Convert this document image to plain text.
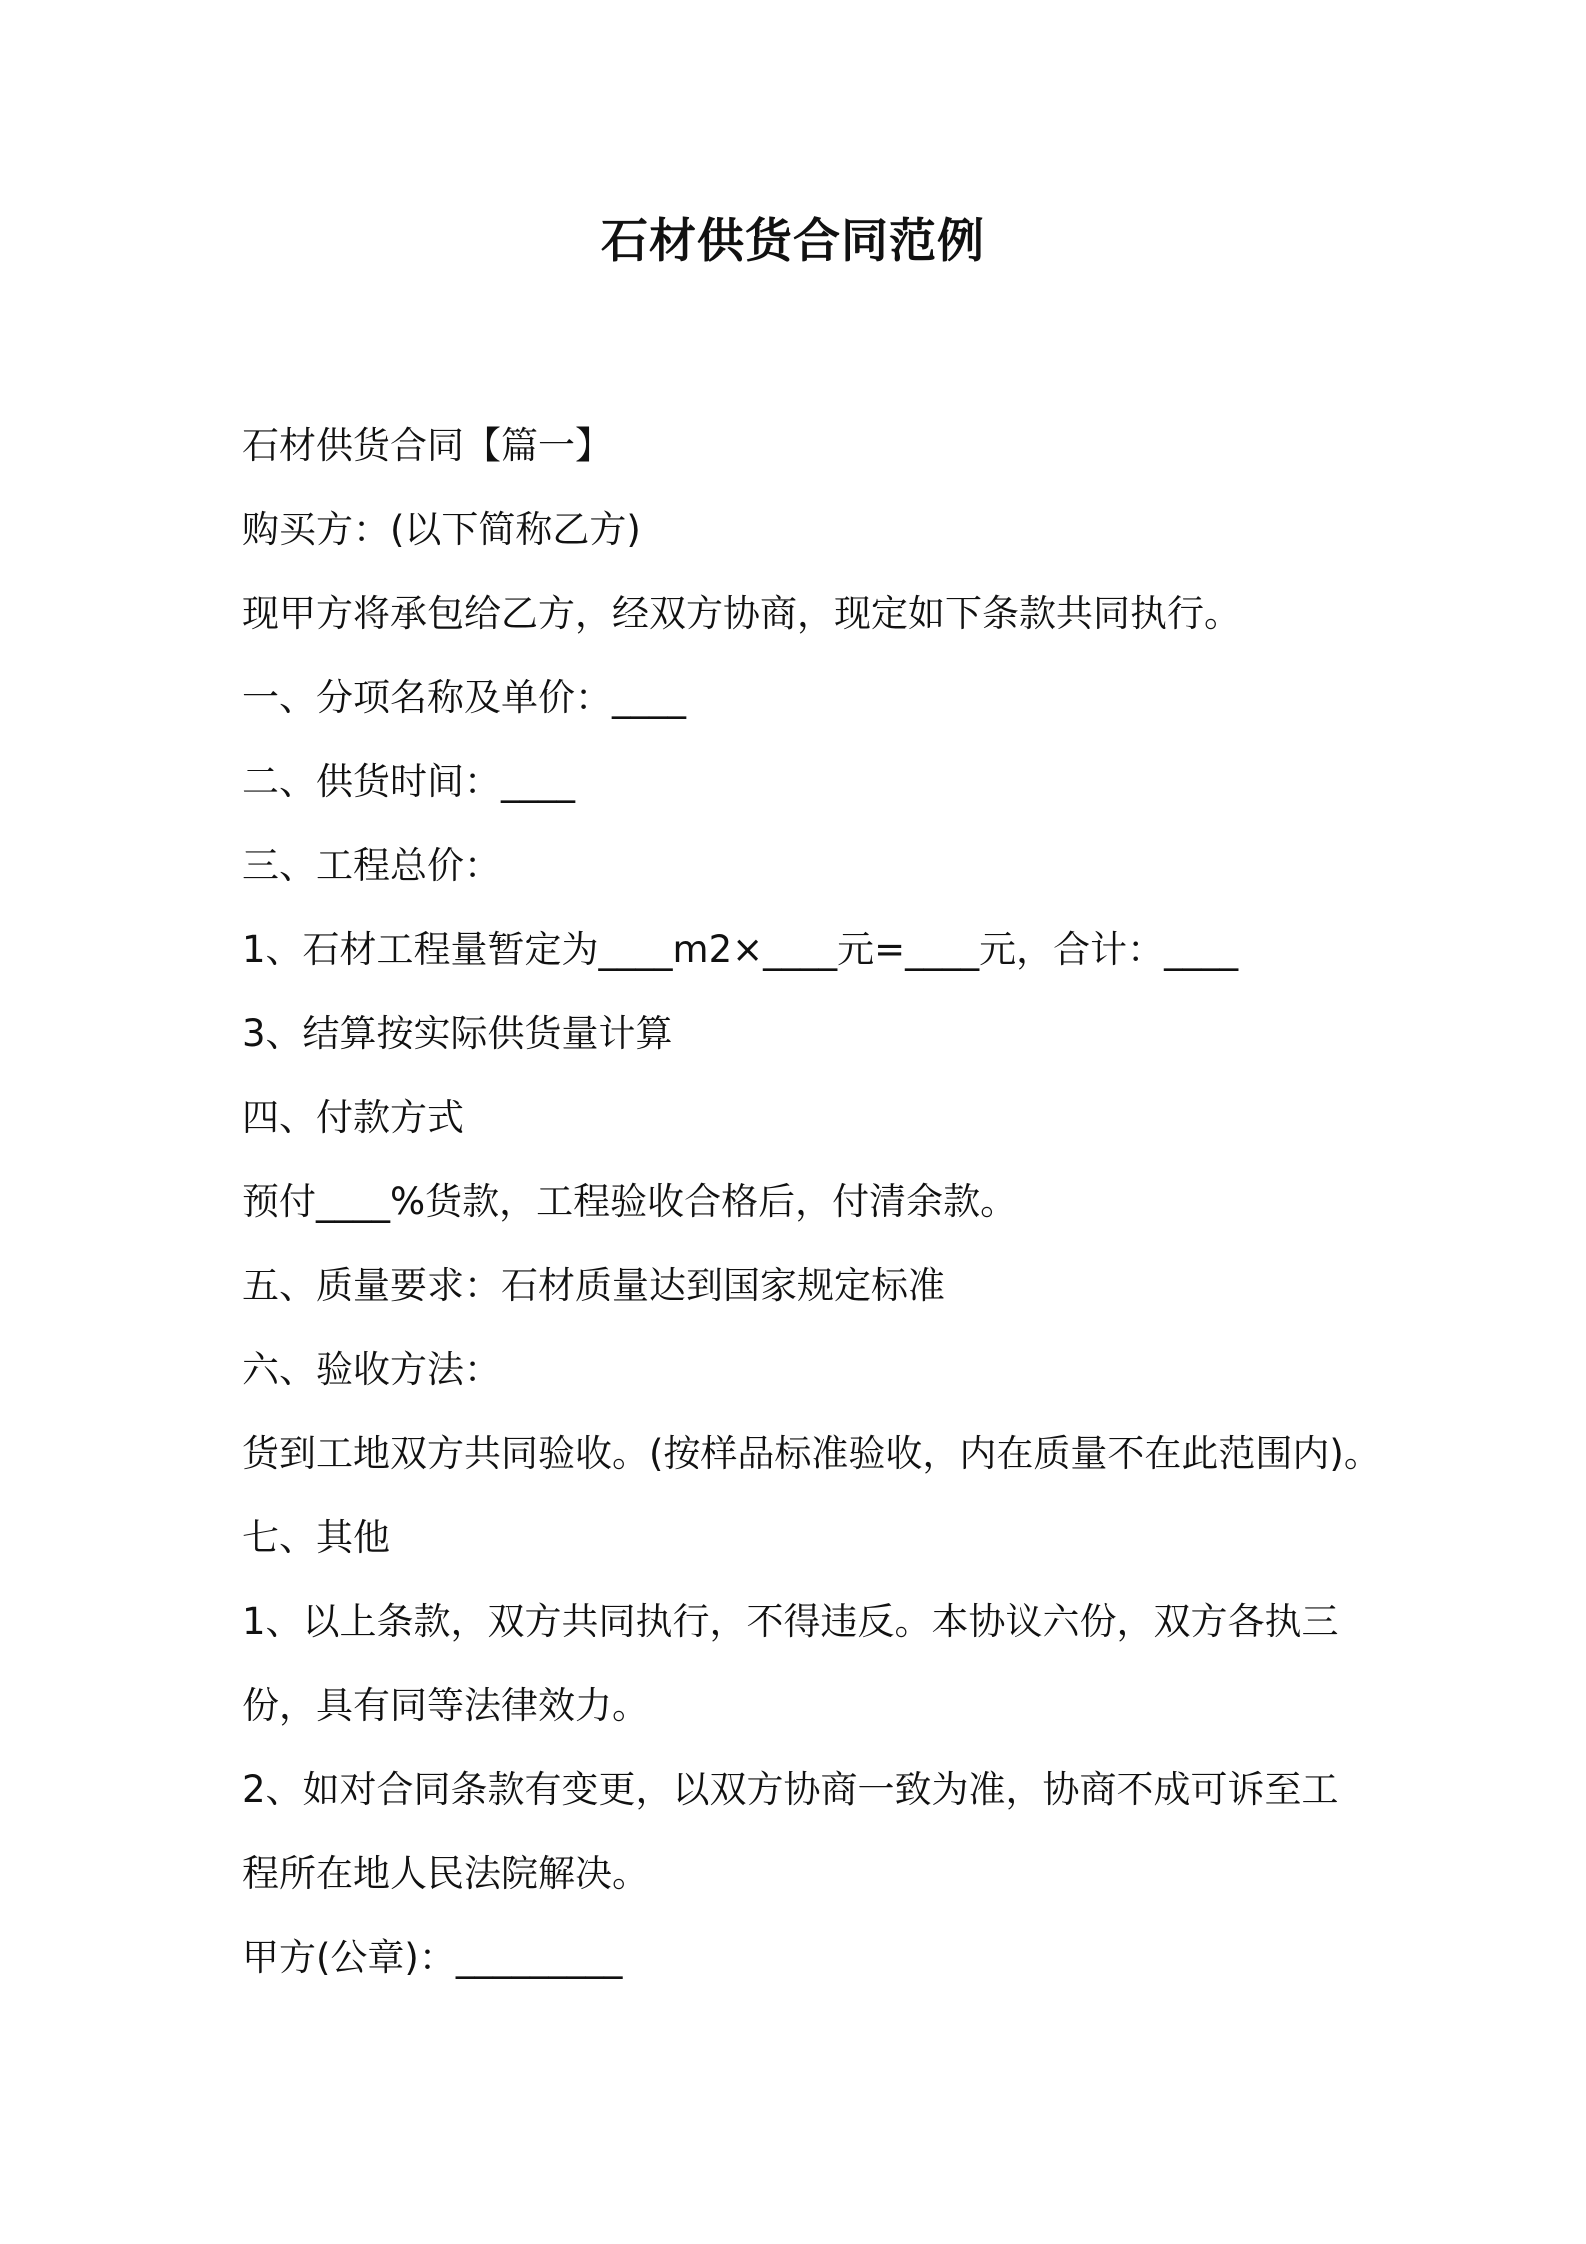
石材供货合同范例

石材供货合同【篇一】

购买方：(以下简称乙方)

现甲方将承包给乙方，经双方协商，现定如下条款共同执行。

一、分项名称及单价：____

二、供货时间：____

三、工程总价：

1、石材工程量暂定为____m2×____元=____元，合计：____

3、结算按实际供货量计算

四、付款方式

预付____%货款，工程验收合格后，付清余款。

五、质量要求：石材质量达到国家规定标准

六、验收方法：

货到工地双方共同验收。(按样品标准验收，内在质量不在此范围内)。

七、其他

1、以上条款，双方共同执行，不得违反。本协议六份，双方各执三份，具有同等法律效力。

2、如对合同条款有变更，以双方协商一致为准，协商不成可诉至工程所在地人民法院解决。

甲方(公章)：_________
